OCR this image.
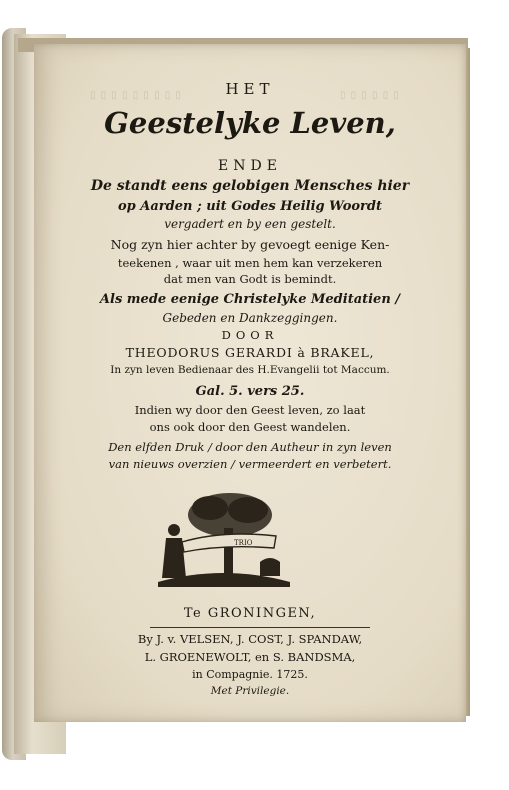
▯ ▯ ▯ ▯ ▯ ▯ ▯ ▯ ▯	▯ ▯ ▯ ▯ ▯ ▯
HET
Geestelyke Leven,
ENDE
De standt eens gelobigen Mensches hier
op Aarden ; uit Godes Heilig Woordt
vergadert en by een gestelt.
Nog zyn hier achter by gevoegt eenige Ken-
teekenen , waar uit men hem kan verzekeren
dat men van Godt is bemindt.
Als mede eenige Christelyke Meditatien /
Gebeden en Dankzeggingen.
DOOR
THEODORUS GERARDI à BRAKEL,
In zyn leven Bedienaar des H.Evangelii tot Maccum.
Gal. 5. vers 25.
Indien wy door den Geest leven, zo laat
ons ook door den Geest wandelen.
Den elfden Druk / door den Autheur in zyn leven
van nieuws overzien / vermeerdert en verbetert.
TRIO
Te GRONINGEN,
By J. v. VELSEN, J. COST, J. SPANDAW,
L. GROENEWOLT, en S. BANDSMA,
in Compagnie. 1725.
Met Privilegie.
